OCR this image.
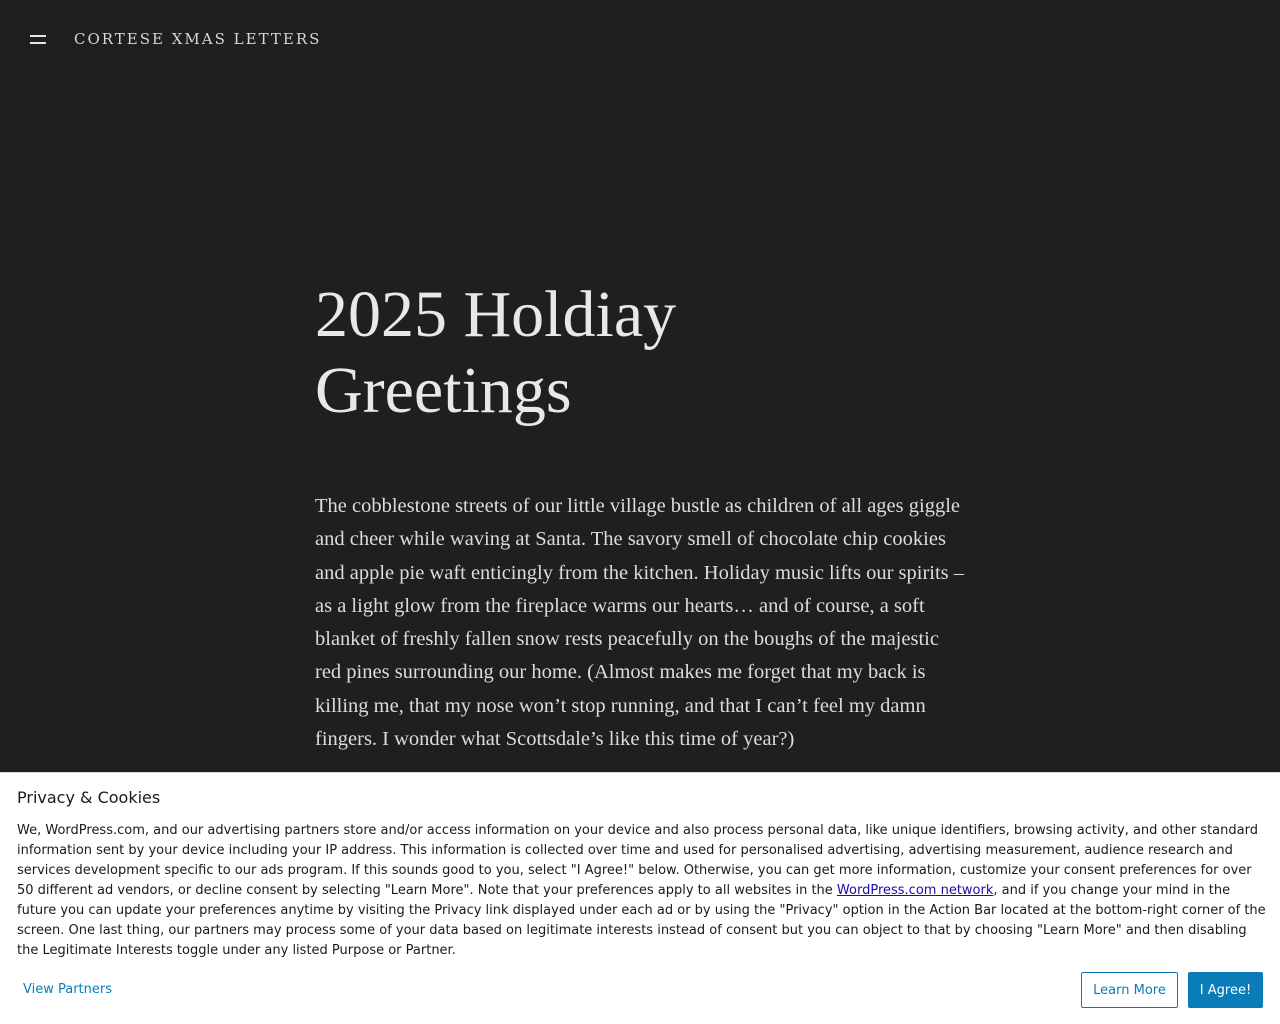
CORTESE XMAS LETTERS
2025 Holdiay Greetings

The cobblestone streets of our little village bustle as children of all ages giggle and cheer while waving at Santa. The savory smell of chocolate chip cookies and apple pie waft enticingly from the kitchen. Holiday music lifts our spirits – as a light glow from the fireplace warms our hearts… and of course, a soft blanket of freshly fallen snow rests peacefully on the boughs of the majestic red pines surrounding our home. (Almost makes me forget that my back is killing me, that my nose won’t stop running, and that I can’t feel my damn fingers. I wonder what Scottsdale’s like this time of year?)

Privacy & Cookies

We, WordPress.com, and our advertising partners store and/or access information on your device and also process personal data, like unique identifiers, browsing activity, and other standard information sent by your device including your IP address. This information is collected over time and used for personalised advertising, advertising measurement, audience research and services development specific to our ads program. If this sounds good to you, select "I Agree!" below. Otherwise, you can get more information, customize your consent preferences for over 50 different ad vendors, or decline consent by selecting "Learn More". Note that your preferences apply to all websites in the WordPress.com network, and if you change your mind in the future you can update your preferences anytime by visiting the Privacy link displayed under each ad or by using the "Privacy" option in the Action Bar located at the bottom-right corner of the screen. One last thing, our partners may process some of your data based on legitimate interests instead of consent but you can object to that by choosing "Learn More" and then disabling the Legitimate Interests toggle under any listed Purpose or Partner.

View Partners	Learn More	I Agree!
